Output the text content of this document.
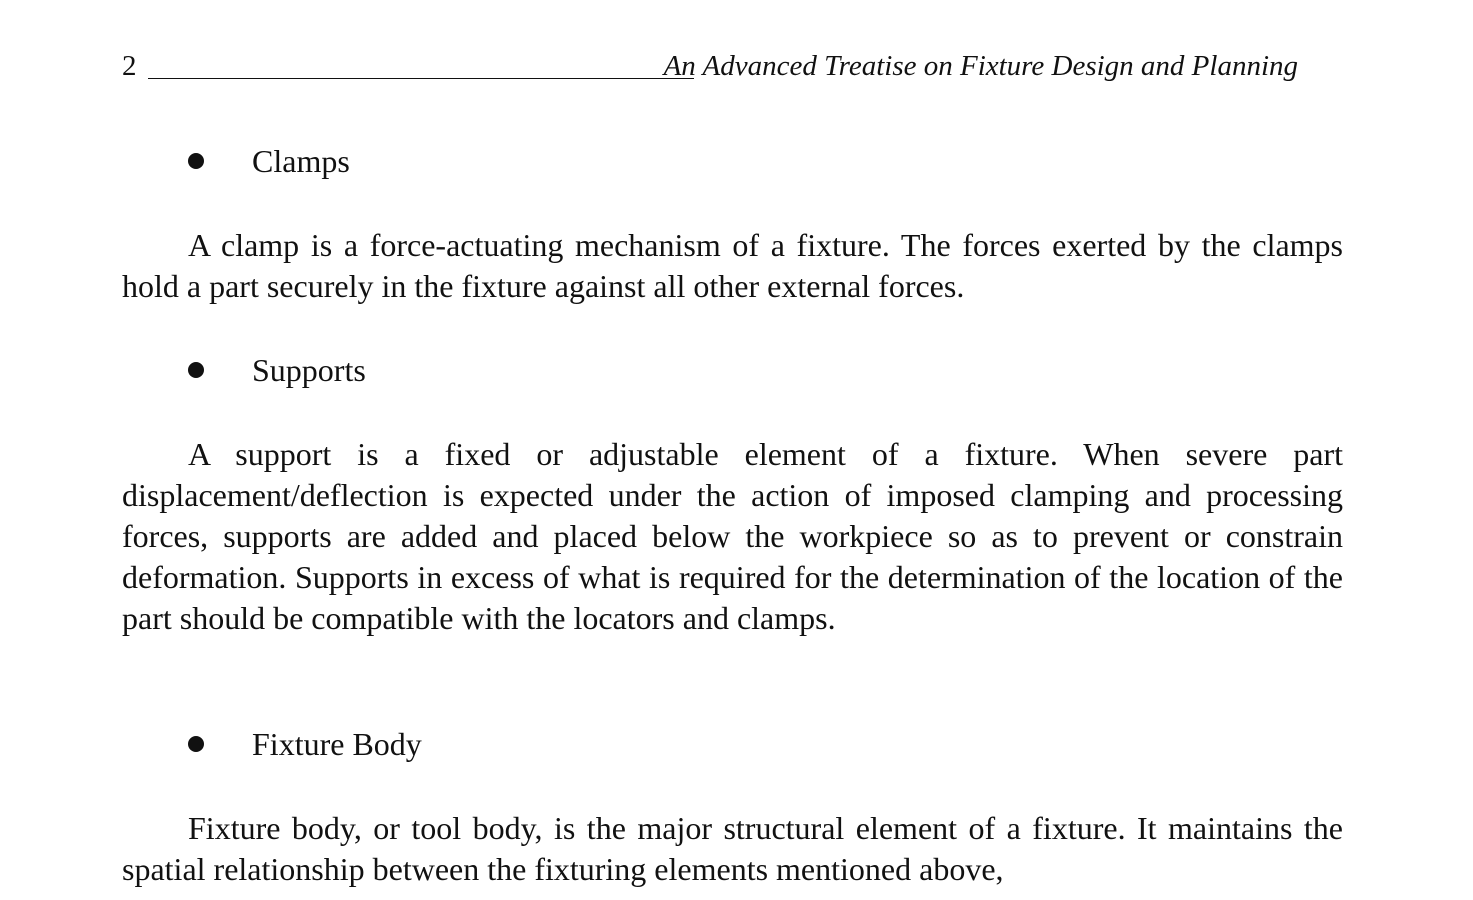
2	An Advanced Treatise on Fixture Design and Planning
Clamps

A clamp is a force-actuating mechanism of a fixture. The forces exerted by the clamps hold a part securely in the fixture against all other external forces.

Supports

A support is a fixed or adjustable element of a fixture. When severe part displacement/deflection is expected under the action of imposed clamping and processing forces, supports are added and placed below the workpiece so as to prevent or constrain deformation. Supports in excess of what is required for the determination of the location of the part should be compatible with the locators and clamps.

Fixture Body

Fixture body, or tool body, is the major structural element of a fixture. It maintains the spatial relationship between the fixturing elements mentioned above,
